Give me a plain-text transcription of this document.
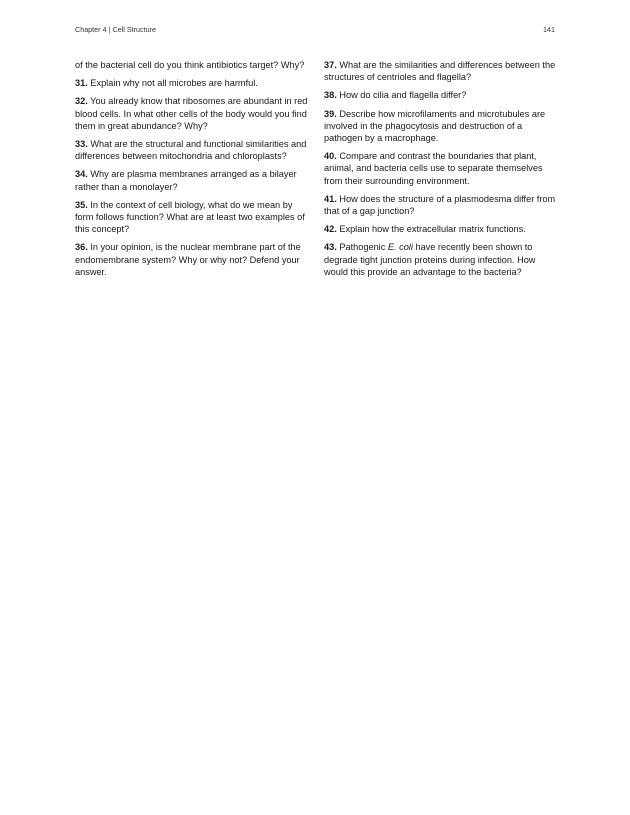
Chapter 4 | Cell Structure	141

of the bacterial cell do you think antibiotics target? Why?

31. Explain why not all microbes are harmful.

32. You already know that ribosomes are abundant in red blood cells. In what other cells of the body would you find them in great abundance? Why?

33. What are the structural and functional similarities and differences between mitochondria and chloroplasts?

34. Why are plasma membranes arranged as a bilayer rather than a monolayer?

35. In the context of cell biology, what do we mean by form follows function? What are at least two examples of this concept?

36. In your opinion, is the nuclear membrane part of the endomembrane system? Why or why not? Defend your answer.

37. What are the similarities and differences between the structures of centrioles and flagella?

38. How do cilia and flagella differ?

39. Describe how microfilaments and microtubules are involved in the phagocytosis and destruction of a pathogen by a macrophage.

40. Compare and contrast the boundaries that plant, animal, and bacteria cells use to separate themselves from their surrounding environment.

41. How does the structure of a plasmodesma differ from that of a gap junction?

42. Explain how the extracellular matrix functions.

43. Pathogenic E. coli have recently been shown to degrade tight junction proteins during infection. How would this provide an advantage to the bacteria?
